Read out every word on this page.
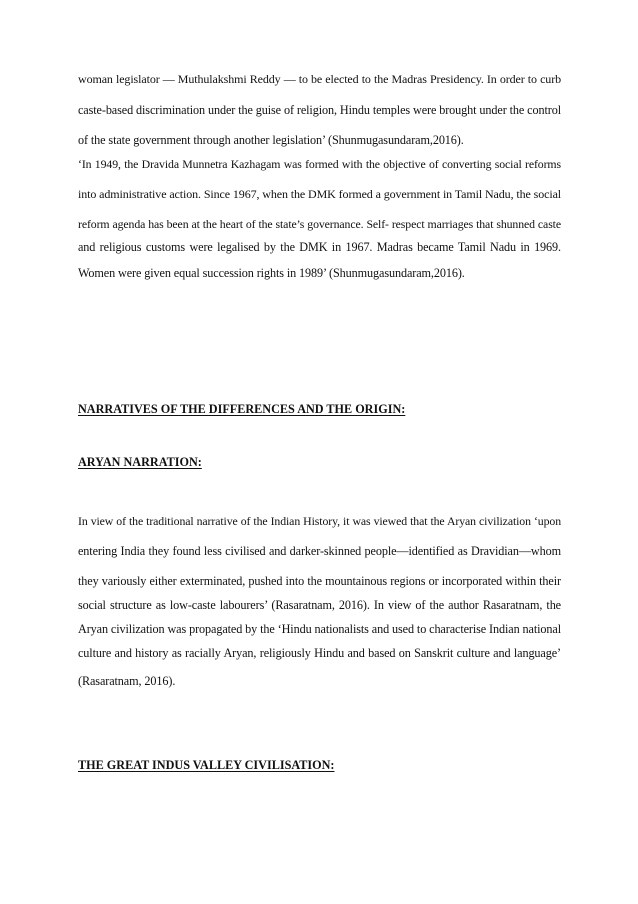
woman legislator — Muthulakshmi Reddy — to be elected to the Madras Presidency. In order to curb
caste-based discrimination under the guise of religion, Hindu temples were brought under the control
of the state government through another legislation’ (Shunmugasundaram,2016).
‘In 1949, the Dravida Munnetra Kazhagam was formed with the objective of converting social reforms
into administrative action. Since 1967, when the DMK formed a government in Tamil Nadu, the social
reform agenda has been at the heart of the state’s governance. Self- respect marriages that shunned caste
and religious customs were legalised by the DMK in 1967. Madras became Tamil Nadu in 1969.
Women were given equal succession rights in 1989’ (Shunmugasundaram,2016).
NARRATIVES OF THE DIFFERENCES AND THE ORIGIN:
ARYAN NARRATION:
In view of the traditional narrative of the Indian History, it was viewed that the Aryan civilization ‘upon
entering India they found less civilised and darker-skinned people—identified as Dravidian—whom
they variously either exterminated, pushed into the mountainous regions or incorporated within their
social structure as low-caste labourers’ (Rasaratnam, 2016). In view of the author Rasaratnam, the
Aryan civilization was propagated by the ‘Hindu nationalists and used to characterise Indian national
culture and history as racially Aryan, religiously Hindu and based on Sanskrit culture and language’
(Rasaratnam, 2016).
THE GREAT INDUS VALLEY CIVILISATION:
